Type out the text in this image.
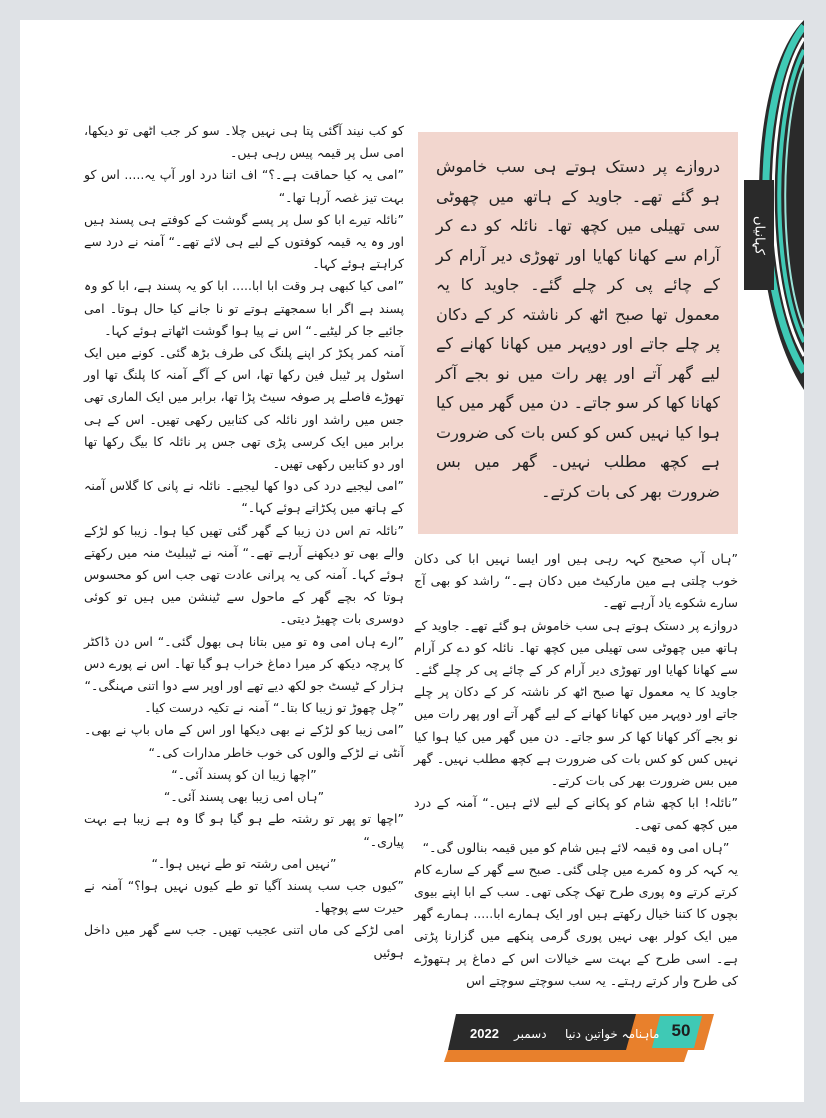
کہانیاں

دروازے پر دستک ہوتے ہی سب خاموش ہو گئے تھے۔ جاوید کے ہاتھ میں چھوٹی سی تھیلی میں کچھ تھا۔ نائلہ کو دے کر آرام سے کھانا کھایا اور تھوڑی دیر آرام کر کے چائے پی کر چلے گئے۔ جاوید کا یہ معمول تھا صبح اٹھ کر ناشتہ کر کے دکان پر چلے جاتے اور دوپہر میں کھانا کھانے کے لیے گھر آتے اور پھر رات میں نو بجے آکر کھانا کھا کر سو جاتے۔ دن میں گھر میں کیا ہوا کیا نہیں کس کو کس بات کی ضرورت ہے کچھ مطلب نہیں۔ گھر میں بس ضرورت بھر کی بات کرتے۔

کو کب نیند آگئی پتا ہی نہیں چلا۔ سو کر جب اٹھی تو دیکھا، امی سل پر قیمہ پیس رہی ہیں۔

”امی یہ کیا حماقت ہے۔؟“ اف اتنا درد اور آپ یہ..... اس کو بہت تیز غصہ آرہا تھا۔“

”نائلہ تیرے ابا کو سل پر پسے گوشت کے کوفتے ہی پسند ہیں اور وہ یہ قیمہ کوفتوں کے لیے ہی لائے تھے۔“ آمنہ نے درد سے کراہتے ہوئے کہا۔

”امی کیا کبھی ہر وقت ابا ابا..... ابا کو یہ پسند ہے، ابا کو وہ پسند ہے اگر ابا سمجھتے ہوتے تو نا جانے کیا حال ہوتا۔ امی جائیے جا کر لیٹیے۔“ اس نے پیا ہوا گوشت اٹھاتے ہوئے کہا۔

آمنہ کمر پکڑ کر اپنے پلنگ کی طرف بڑھ گئی۔ کونے میں ایک اسٹول پر ٹیبل فین رکھا تھا، اس کے آگے آمنہ کا پلنگ تھا اور تھوڑے فاصلے پر صوفہ سیٹ پڑا تھا، برابر میں ایک الماری تھی جس میں راشد اور نائلہ کی کتابیں رکھی تھیں۔ اس کے ہی برابر میں ایک کرسی پڑی تھی جس پر نائلہ کا بیگ رکھا تھا اور دو کتابیں رکھی تھیں۔

”امی لیجیے درد کی دوا کھا لیجیے۔ نائلہ نے پانی کا گلاس آمنہ کے ہاتھ میں پکڑاتے ہوئے کہا۔“

”نائلہ تم اس دن زیبا کے گھر گئی تھیں کیا ہوا۔ زیبا کو لڑکے والے بھی تو دیکھنے آرہے تھے۔“ آمنہ نے ٹیبلیٹ منہ میں رکھتے ہوئے کہا۔ آمنہ کی یہ پرانی عادت تھی جب اس کو محسوس ہوتا کہ بچے گھر کے ماحول سے ٹینشن میں ہیں تو کوئی دوسری بات چھیڑ دیتی۔

”ارے ہاں امی وہ تو میں بتانا ہی بھول گئی۔“ اس دن ڈاکٹر کا پرچہ دیکھ کر میرا دماغ خراب ہو گیا تھا۔ اس نے پورے دس ہزار کے ٹیسٹ جو لکھ دیے تھے اور اوپر سے دوا اتنی مہنگی۔“

”چل چھوڑ تو زیبا کا بتا۔“ آمنہ نے تکیہ درست کیا۔

”امی زیبا کو لڑکے نے بھی دیکھا اور اس کے ماں باپ نے بھی۔ آنٹی نے لڑکے والوں کی خوب خاطر مدارات کی۔“

”اچھا زیبا ان کو پسند آئی۔“

”ہاں امی زیبا بھی پسند آئی۔“

”اچھا تو پھر تو رشتہ طے ہو گیا ہو گا وہ ہے زیبا ہے بہت پیاری۔“

”نہیں امی رشتہ تو طے نہیں ہوا۔“

”کیوں جب سب پسند آگیا تو طے کیوں نہیں ہوا؟“ آمنہ نے حیرت سے پوچھا۔

امی لڑکے کی ماں اتنی عجیب تھیں۔ جب سے گھر میں داخل ہوئیں

”ہاں آپ صحیح کہہ رہی ہیں اور ایسا نہیں ابا کی دکان خوب چلتی ہے مین مارکیٹ میں دکان ہے۔“ راشد کو بھی آج سارے شکوے یاد آرہے تھے۔

دروازے پر دستک ہوتے ہی سب خاموش ہو گئے تھے۔ جاوید کے ہاتھ میں چھوٹی سی تھیلی میں کچھ تھا۔ نائلہ کو دے کر آرام سے کھانا کھایا اور تھوڑی دیر آرام کر کے چائے پی کر چلے گئے۔ جاوید کا یہ معمول تھا صبح اٹھ کر ناشتہ کر کے دکان پر چلے جاتے اور دوپہر میں کھانا کھانے کے لیے گھر آتے اور پھر رات میں نو بجے آکر کھانا کھا کر سو جاتے۔ دن میں گھر میں کیا ہوا کیا نہیں کس کو کس بات کی ضرورت ہے کچھ مطلب نہیں۔ گھر میں بس ضرورت بھر کی بات کرتے۔

”نائلہ! ابا کچھ شام کو پکانے کے لیے لائے ہیں۔“ آمنہ کے درد میں کچھ کمی تھی۔

”ہاں امی وہ قیمہ لائے ہیں شام کو میں قیمہ بنالوں گی۔“

یہ کہہ کر وہ کمرے میں چلی گئی۔ صبح سے گھر کے سارے کام کرتے کرتے وہ پوری طرح تھک چکی تھی۔ سب کے ابا اپنے بیوی بچوں کا کتنا خیال رکھتے ہیں اور ایک ہمارے ابا..... ہمارے گھر میں ایک کولر بھی نہیں پوری گرمی پنکھے میں گزارنا پڑتی ہے۔ اسی طرح کے بہت سے خیالات اس کے دماغ پر ہتھوڑے کی طرح وار کرتے رہتے۔ یہ سب سوچتے سوچتے اس

ماہنامہ خواتین دنیا
دسمبر
2022	50
